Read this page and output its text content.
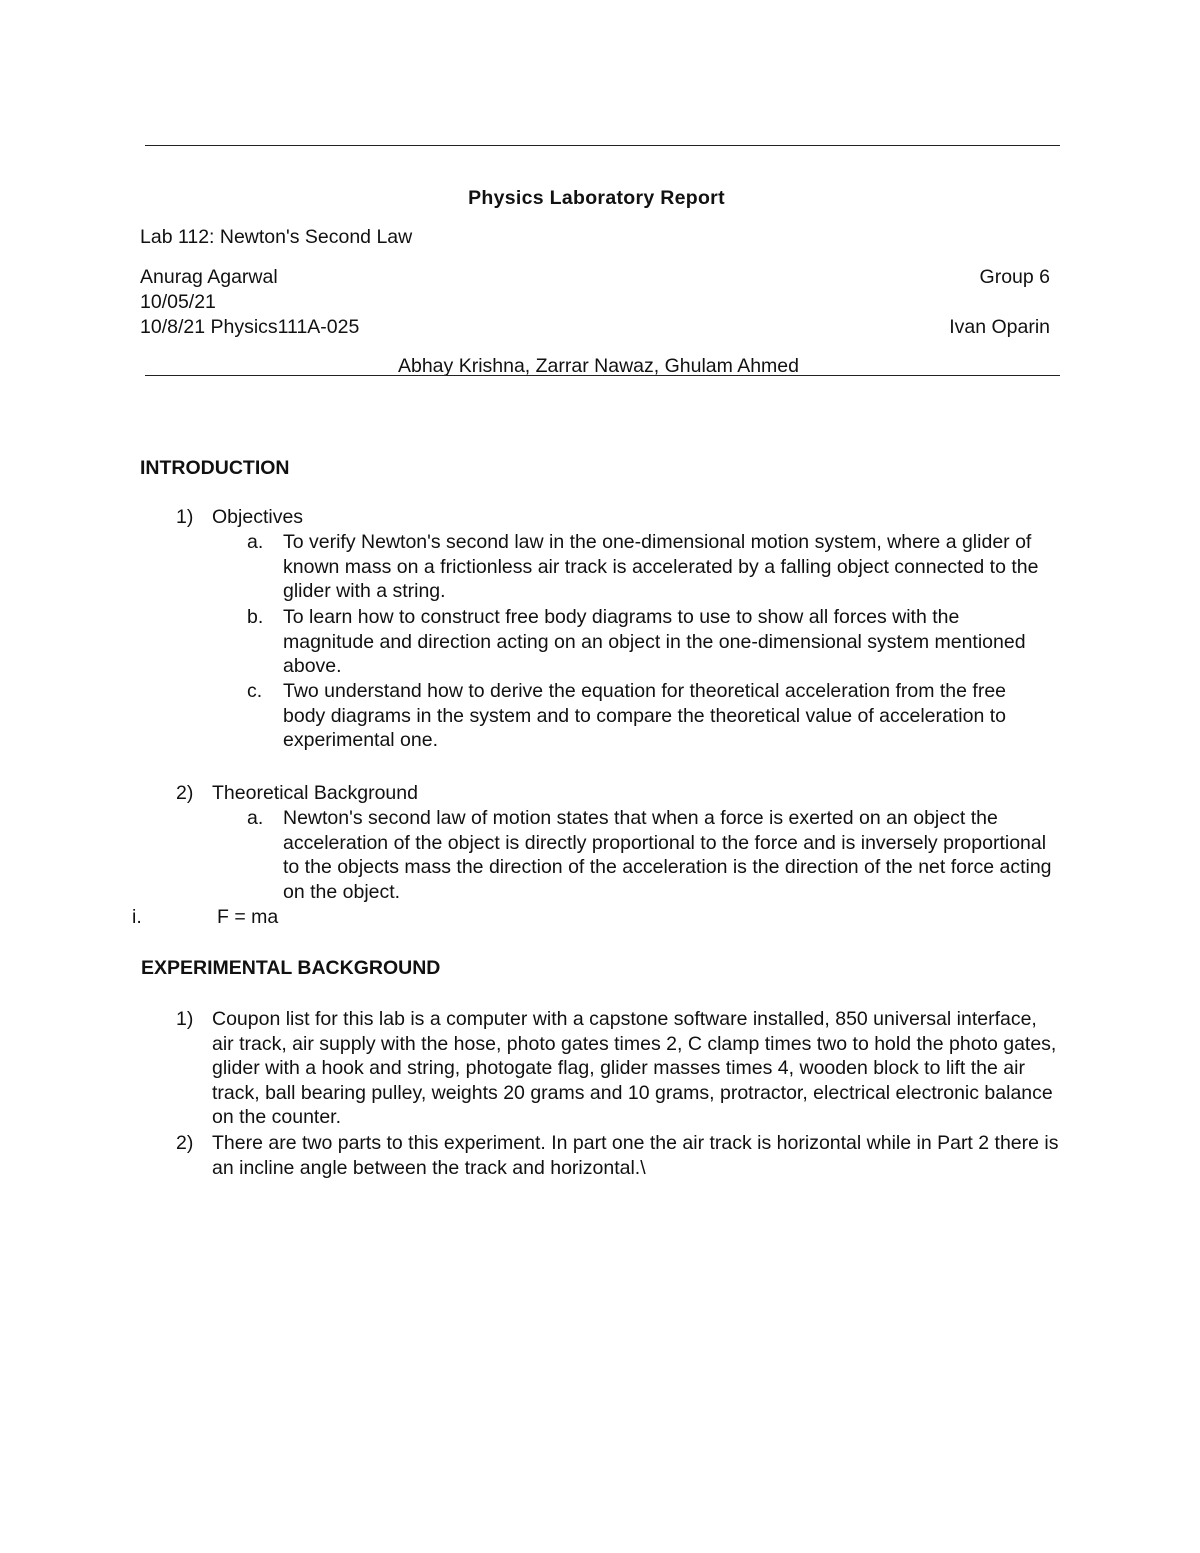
Physics Laboratory Report
Lab 112: Newton's Second Law
Anurag Agarwal	Group 6
10/05/21
10/8/21 Physics111A-025	Ivan Oparin
Abhay Krishna, Zarrar Nawaz, Ghulam Ahmed
INTRODUCTION
1) Objectives
a. To verify Newton's second law in the one-dimensional motion system, where a glider of known mass on a frictionless air track is accelerated by a falling object connected to the glider with a string.
b. To learn how to construct free body diagrams to use to show all forces with the magnitude and direction acting on an object in the one-dimensional system mentioned above.
c. Two understand how to derive the equation for theoretical acceleration from the free body diagrams in the system and to compare the theoretical value of acceleration to experimental one.
2) Theoretical Background
a. Newton's second law of motion states that when a force is exerted on an object the acceleration of the object is directly proportional to the force and is inversely proportional to the objects mass the direction of the acceleration is the direction of the net force acting on the object.
i.	F = ma
EXPERIMENTAL BACKGROUND
1) Coupon list for this lab is a computer with a capstone software installed, 850 universal interface, air track, air supply with the hose, photo gates times 2, C clamp times two to hold the photo gates, glider with a hook and string, photogate flag, glider masses times 4, wooden block to lift the air track, ball bearing pulley, weights 20 grams and 10 grams, protractor, electrical electronic balance on the counter.
2) There are two parts to this experiment. In part one the air track is horizontal while in Part 2 there is an incline angle between the track and horizontal.\
